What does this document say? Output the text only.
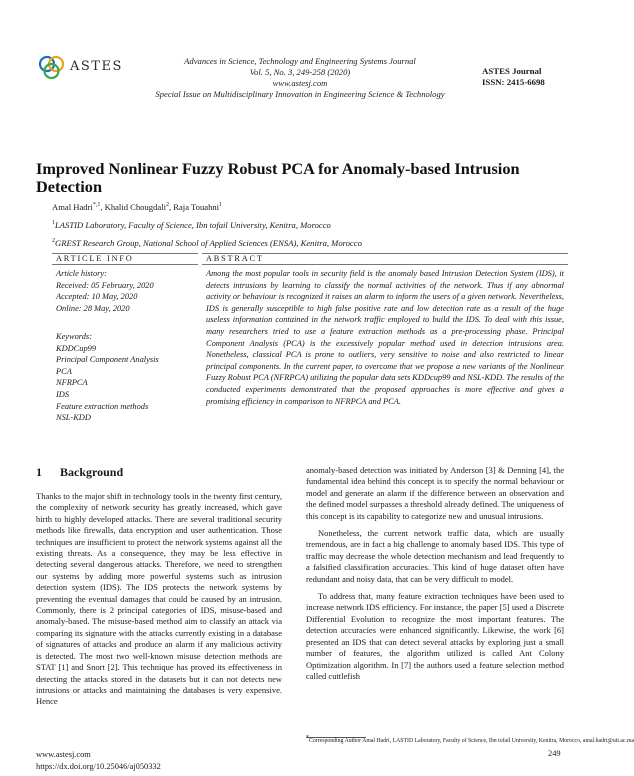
ASTES	Advances in Science, Technology and Engineering Systems Journal
Vol. 5, No. 3, 249-258 (2020)
www.astesj.com
Special Issue on Multidisciplinary Innovation in Engineering Science & Technology
ASTES Journal
ISSN: 2415-6698
Improved Nonlinear Fuzzy Robust PCA for Anomaly-based Intrusion Detection
Amal Hadri$^{*,1}$, Khalid Chougdali$^2$, Raja Touahni$^1$
$^1$LASTID Laboratory, Faculty of Science, Ibn tofail University, Kenitra, Morocco
$^2$GREST Research Group, National School of Applied Sciences (ENSA), Kenitra, Morocco
ARTICLE INFO	ABSTRACT
Article history:
Received: 05 February, 2020
Accepted: 10 May, 2020
Online: 28 May, 2020
Keywords:
KDDCup99
Principal Component Analysis
PCA
NFRPCA
IDS
Feature extraction methods
NSL-KDD

Among the most popular tools in security field is the anomaly based Intrusion Detection System (IDS), it detects intrusions by learning to classify the normal activities of the network. Thus if any abnormal activity or behaviour is recognized it raises an alarm to inform the users of a given network. Nevertheless, IDS is generally susceptible to high false positive rate and low detection rate as a result of the huge useless information contained in the network traffic employed to build the IDS. To deal with this issue, many researchers tried to use a feature extraction methods as a pre-processing phase. Principal Component Analysis (PCA) is the excessively popular method used in detection intrusions area. Nonetheless, classical PCA is prone to outliers, very sensitive to noise and also restricted to linear principal components. In the current paper, to overcome that we propose a new variants of the Nonlinear Fuzzy Robust PCA (NFRPCA) utilizing the popular data sets KDDcup99 and NSL-KDD. The results of the conducted experiments demonstrated that the proposed approaches is more effective and gives a promising efficiency in comparison to NFRPCA and PCA.

1 Background

Thanks to the major shift in technology tools in the twenty first century, the complexity of network security has greatly increased, which gave birth to highly developed attacks. There are several traditional security methods like firewalls, data encryption and user authentication. Those techniques are insufficient to protect the network systems against all the existing threats. As a consequence, they may be less effective in detecting several dangerous attacks. Therefore, we need to strengthen our systems by adding more powerful systems such as intrusion detection system (IDS). The IDS protects the network systems by preventing the eventual damages that could be caused by an intrusion. Commonly, there is 2 principal categories of IDS, misuse-based and anomaly-based. The misuse-based method aim to classify an attack via comparing its signature with the attacks currently existing in a database of signatures of attacks and produce an alarm if any malicious activity is detected. The most two well-known misuse detection methods are STAT [1] and Snort [2]. This technique has proved its effectiveness in detecting the attacks stored in the datasets but it can not detects new intrusions or attacks and maintaining the databases is very expensive. Hence

anomaly-based detection was initiated by Anderson [3] & Denning [4], the fundamental idea behind this concept is to specify the normal behaviour or model and generate an alarm if the difference between an observation and the defined model surpasses a threshold already defined. The uniqueness of this concept is its capability to categorize new and unusual intrusions.

Nonetheless, the current network traffic data, which are usually tremendous, are in fact a big challenge to anomaly based IDS. This type of traffic may decrease the whole detection mechanism and lead frequently to a falsified classification accuracies. This kind of huge dataset often have redundant and noisy data, that can be very difficult to model.

To address that, many feature extraction techniques have been used to increase network IDS efficiency. For instance, the paper [5] used a Discrete Differential Evolution to recognize the most important features. The detection accuracies were enhanced significantly. Likewise, the work [6] presented an IDS that can detect several attacks by exploring just a small number of features, the algorithm utilized is called Ant Colony Optimization algorithm. In [7] the authors used a feature selection method called cuttlefish

*Corresponding Author Amal Hadri, LASTID Laboratory, Faculty of Science, Ibn tofail University, Kenitra, Morocco, amal.hadri@uit.ac.ma
www.astesj.com
https://dx.doi.org/10.25046/aj050332
249
